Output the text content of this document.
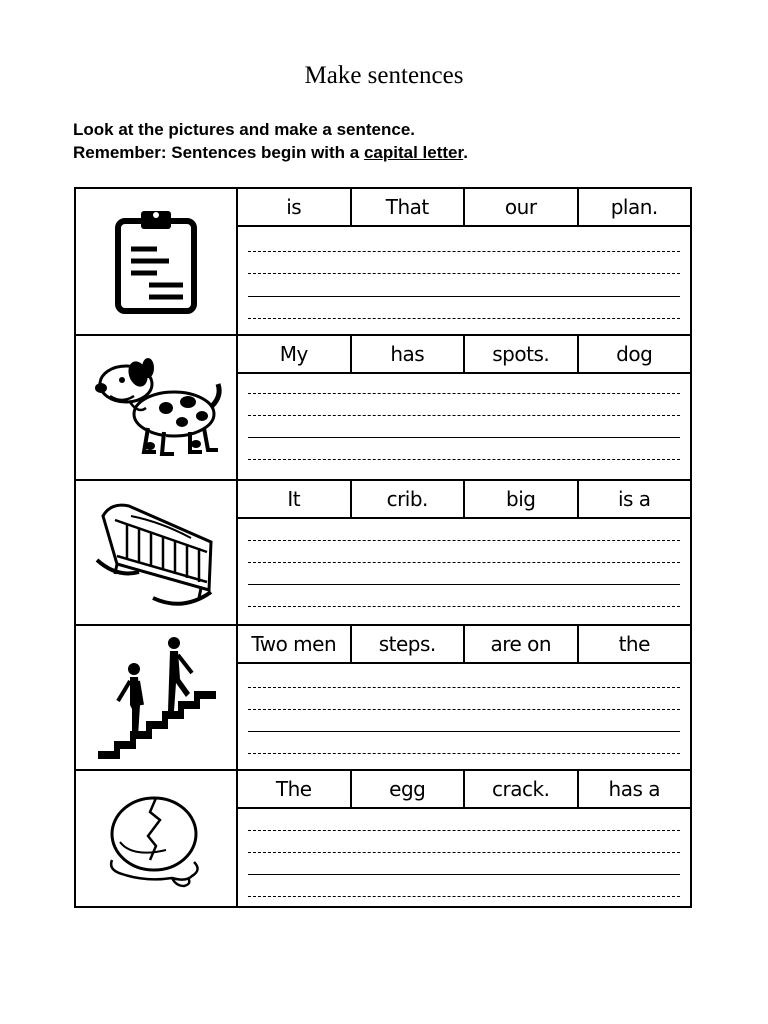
Make sentences
Look at the pictures and make a sentence.
Remember: Sentences begin with a capital letter.
is	That	our	plan.
My	has	spots.	dog
It	crib.	big	is a
Two men	steps.	are on	the
The	egg	crack.	has a
